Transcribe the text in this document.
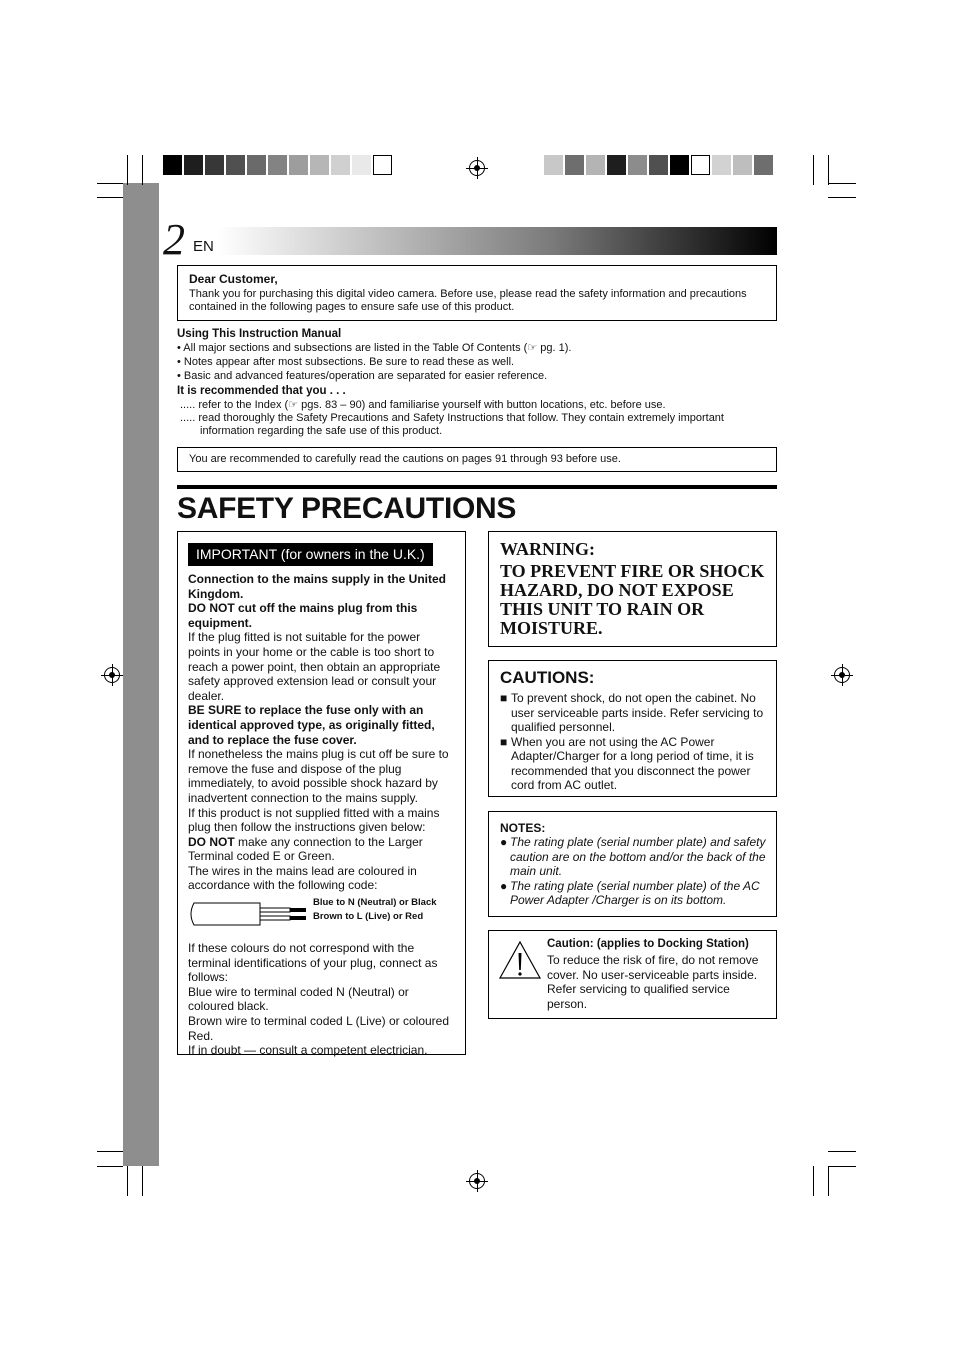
2 EN
Dear Customer,
Thank you for purchasing this digital video camera. Before use, please read the safety information and precautions contained in the following pages to ensure safe use of this product.
Using This Instruction Manual
• All major sections and subsections are listed in the Table Of Contents (☞ pg. 1).
• Notes appear after most subsections. Be sure to read these as well.
• Basic and advanced features/operation are separated for easier reference.
It is recommended that you . . .
..... refer to the Index (☞ pgs. 83 – 90) and familiarise yourself with button locations, etc. before use.
..... read thoroughly the Safety Precautions and Safety Instructions that follow. They contain extremely important
information regarding the safe use of this product.
You are recommended to carefully read the cautions on pages 91 through 93 before use.
SAFETY PRECAUTIONS
IMPORTANT (for owners in the U.K.)

Connection to the mains supply in the United Kingdom.

DO NOT cut off the mains plug from this equipment.

If the plug fitted is not suitable for the power points in your home or the cable is too short to reach a power point, then obtain an appropriate safety approved extension lead or consult your dealer.

BE SURE to replace the fuse only with an identical approved type, as originally fitted, and to replace the fuse cover.

If nonetheless the mains plug is cut off be sure to remove the fuse and dispose of the plug immediately, to avoid possible shock hazard by inadvertent connection to the mains supply.

If this product is not supplied fitted with a mains plug then follow the instructions given below:

DO NOT make any connection to the Larger Terminal coded E or Green.

The wires in the mains lead are coloured in accordance with the following code:

Blue to N (Neutral) or Black
Brown to L (Live) or Red

If these colours do not correspond with the terminal identifications of your plug, connect as follows:

Blue wire to terminal coded N (Neutral) or coloured black.

Brown wire to terminal coded L (Live) or coloured Red.

If in doubt — consult a competent electrician.

WARNING:
TO PREVENT FIRE OR SHOCK HAZARD, DO NOT EXPOSE THIS UNIT TO RAIN OR MOISTURE.
CAUTIONS:
■ To prevent shock, do not open the cabinet. No user serviceable parts inside. Refer servicing to qualified personnel.
■ When you are not using the AC Power Adapter/Charger for a long period of time, it is recommended that you disconnect the power cord from AC outlet.
NOTES:
● The rating plate (serial number plate) and safety caution are on the bottom and/or the back of the main unit.
● The rating plate (serial number plate) of the AC Power Adapter /Charger is on its bottom.
Caution: (applies to Docking Station)
To reduce the risk of fire, do not remove cover. No user-serviceable parts inside. Refer servicing to qualified service person.
